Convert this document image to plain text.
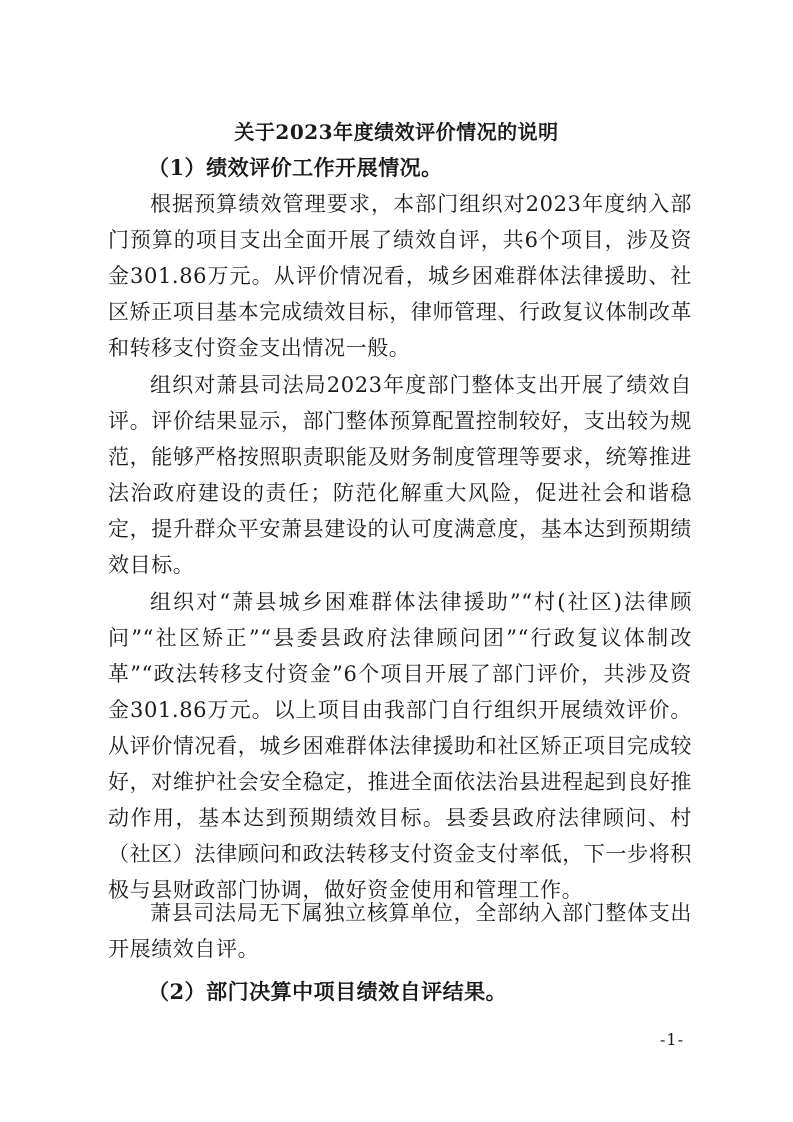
关于2023年度绩效评价情况的说明
（1）绩效评价工作开展情况。
根据预算绩效管理要求，本部门组织对2023年度纳入部门预算的项目支出全面开展了绩效自评，共6个项目，涉及资金301.86万元。从评价情况看，城乡困难群体法律援助、社区矫正项目基本完成绩效目标，律师管理、行政复议体制改革和转移支付资金支出情况一般。
组织对萧县司法局2023年度部门整体支出开展了绩效自评。评价结果显示，部门整体预算配置控制较好，支出较为规范，能够严格按照职责职能及财务制度管理等要求，统筹推进法治政府建设的责任；防范化解重大风险，促进社会和谐稳定，提升群众平安萧县建设的认可度满意度，基本达到预期绩效目标。
组织对“萧县城乡困难群体法律援助”“村(社区)法律顾问”“社区矫正”“县委县政府法律顾问团”“行政复议体制改革”“政法转移支付资金”6个项目开展了部门评价，共涉及资金301.86万元。以上项目由我部门自行组织开展绩效评价。从评价情况看，城乡困难群体法律援助和社区矫正项目完成较好，对维护社会安全稳定，推进全面依法治县进程起到良好推动作用，基本达到预期绩效目标。县委县政府法律顾问、村（社区）法律顾问和政法转移支付资金支付率低，下一步将积极与县财政部门协调，做好资金使用和管理工作。
萧县司法局无下属独立核算单位，全部纳入部门整体支出开展绩效自评。
（2）部门决算中项目绩效自评结果。
-1-
